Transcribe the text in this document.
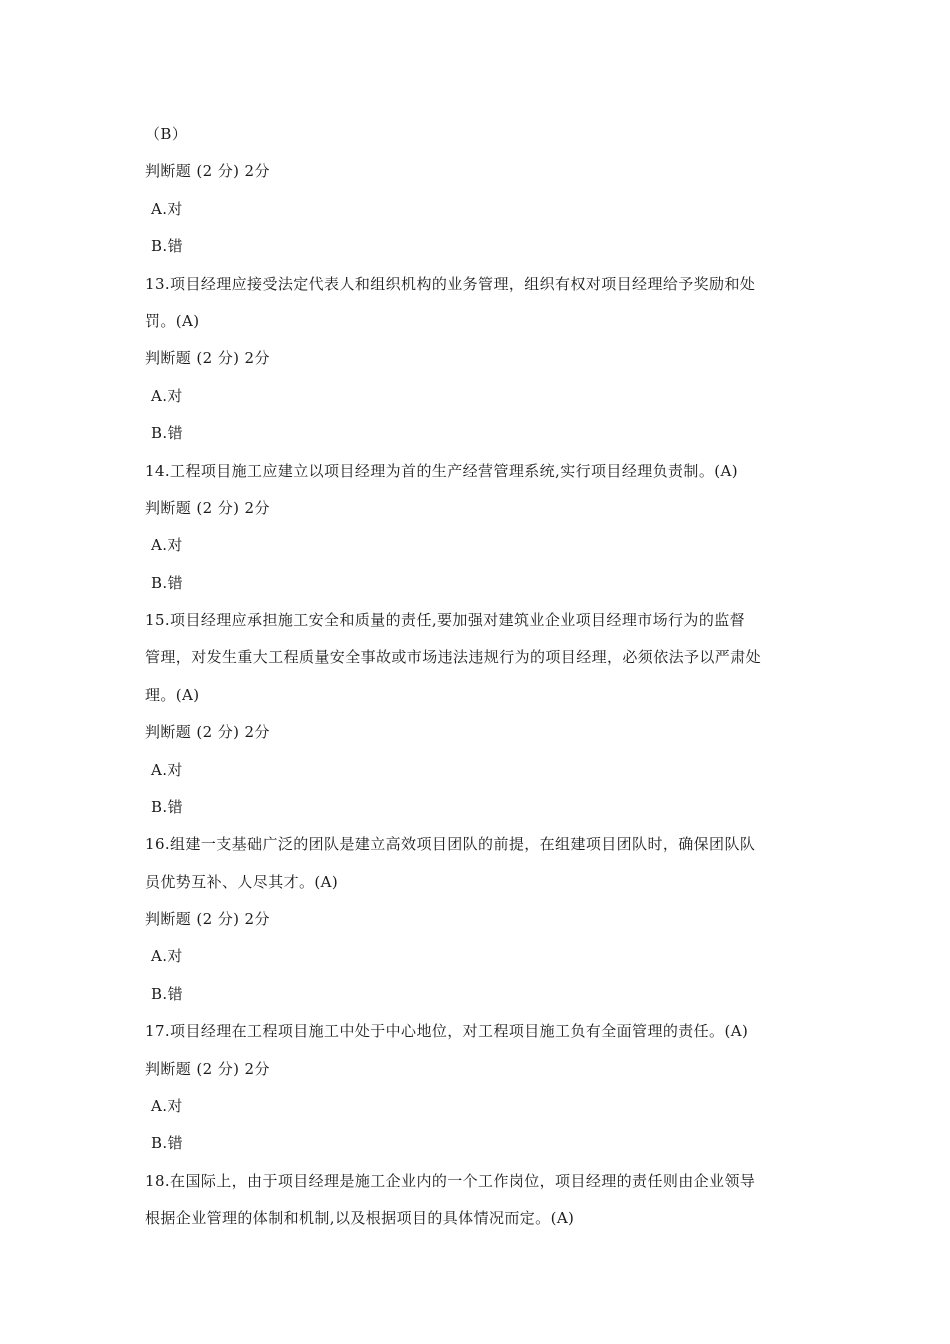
（B）
判断题 (2 分) 2分
A.对
B.错
13.项目经理应接受法定代表人和组织机构的业务管理，组织有权对项目经理给予奖励和处
罚。(A)
判断题 (2 分) 2分
A.对
B.错
14.工程项目施工应建立以项目经理为首的生产经营管理系统,实行项目经理负责制。(A)
判断题 (2 分) 2分
A.对
B.错
15.项目经理应承担施工安全和质量的责任,要加强对建筑业企业项目经理市场行为的监督
管理，对发生重大工程质量安全事故或市场违法违规行为的项目经理，必须依法予以严肃处
理。(A)
判断题 (2 分) 2分
A.对
B.错
16.组建一支基础广泛的团队是建立高效项目团队的前提，在组建项目团队时，确保团队队
员优势互补、人尽其才。(A)
判断题 (2 分) 2分
A.对
B.错
17.项目经理在工程项目施工中处于中心地位，对工程项目施工负有全面管理的责任。(A)
判断题 (2 分) 2分
A.对
B.错
18.在国际上，由于项目经理是施工企业内的一个工作岗位，项目经理的责任则由企业领导
根据企业管理的体制和机制,以及根据项目的具体情况而定。(A)
